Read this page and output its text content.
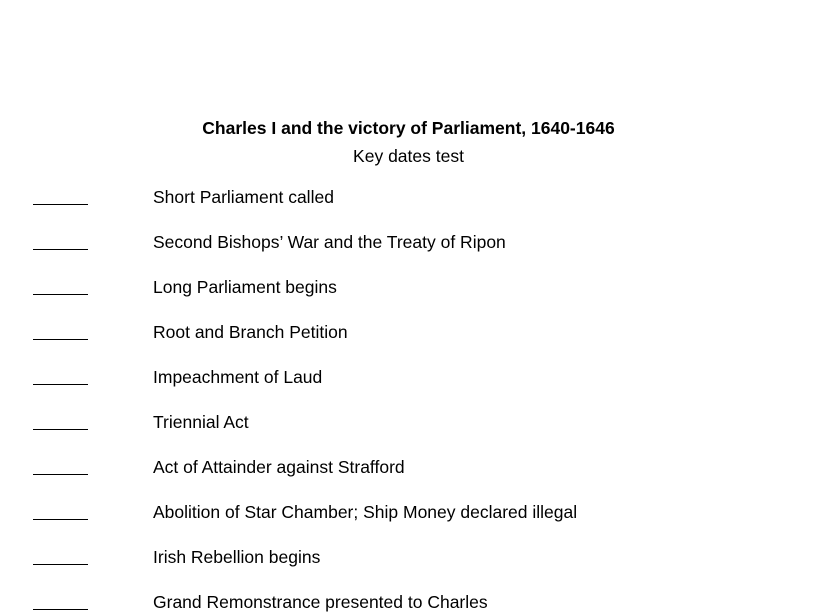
Charles I and the victory of Parliament, 1640-1646
Key dates test
Short Parliament called
Second Bishops’ War and the Treaty of Ripon
Long Parliament begins
Root and Branch Petition
Impeachment of Laud
Triennial Act
Act of Attainder against Strafford
Abolition of Star Chamber; Ship Money declared illegal
Irish Rebellion begins
Grand Remonstrance presented to Charles
